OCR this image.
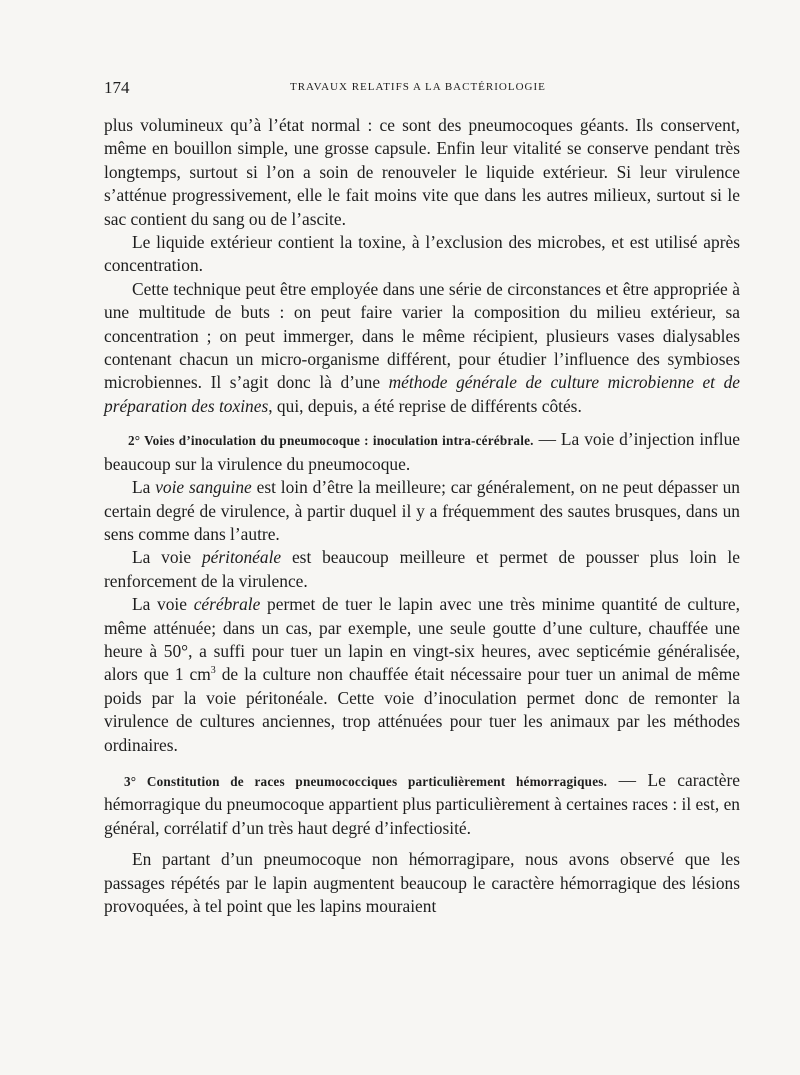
174	TRAVAUX RELATIFS A LA BACTÉRIOLOGIE

plus volumineux qu’à l’état normal : ce sont des pneumocoques géants. Ils conservent, même en bouillon simple, une grosse capsule. Enfin leur vitalité se conserve pendant très longtemps, surtout si l’on a soin de renouveler le liquide extérieur. Si leur virulence s’atténue progressivement, elle le fait moins vite que dans les autres milieux, surtout si le sac contient du sang ou de l’ascite.

Le liquide extérieur contient la toxine, à l’exclusion des microbes, et est utilisé après concentration.

Cette technique peut être employée dans une série de circonstances et être appropriée à une multitude de buts : on peut faire varier la composition du milieu extérieur, sa concentration ; on peut immerger, dans le même récipient, plusieurs vases dialysables contenant chacun un micro-organisme différent, pour étudier l’influence des symbioses microbiennes. Il s’agit donc là d’une méthode générale de culture microbienne et de préparation des toxines, qui, depuis, a été reprise de différents côtés.

2° Voies d’inoculation du pneumocoque : inoculation intra-cérébrale. — La voie d’injection influe beaucoup sur la virulence du pneumocoque.

La voie sanguine est loin d’être la meilleure; car généralement, on ne peut dépasser un certain degré de virulence, à partir duquel il y a fréquemment des sautes brusques, dans un sens comme dans l’autre.

La voie péritonéale est beaucoup meilleure et permet de pousser plus loin le renforcement de la virulence.

La voie cérébrale permet de tuer le lapin avec une très minime quantité de culture, même atténuée; dans un cas, par exemple, une seule goutte d’une culture, chauffée une heure à 50°, a suffi pour tuer un lapin en vingt-six heures, avec septicémie généralisée, alors que 1 $cm^3$ de la culture non chauffée était nécessaire pour tuer un animal de même poids par la voie péritonéale. Cette voie d’inoculation permet donc de remonter la virulence de cultures anciennes, trop atténuées pour tuer les animaux par les méthodes ordinaires.

3° Constitution de races pneumococciques particulièrement hémorragiques. — Le caractère hémorragique du pneumocoque appartient plus particulièrement à certaines races : il est, en général, corrélatif d’un très haut degré d’infectiosité.

En partant d’un pneumocoque non hémorragipare, nous avons observé que les passages répétés par le lapin augmentent beaucoup le caractère hémorragique des lésions provoquées, à tel point que les lapins mouraient
